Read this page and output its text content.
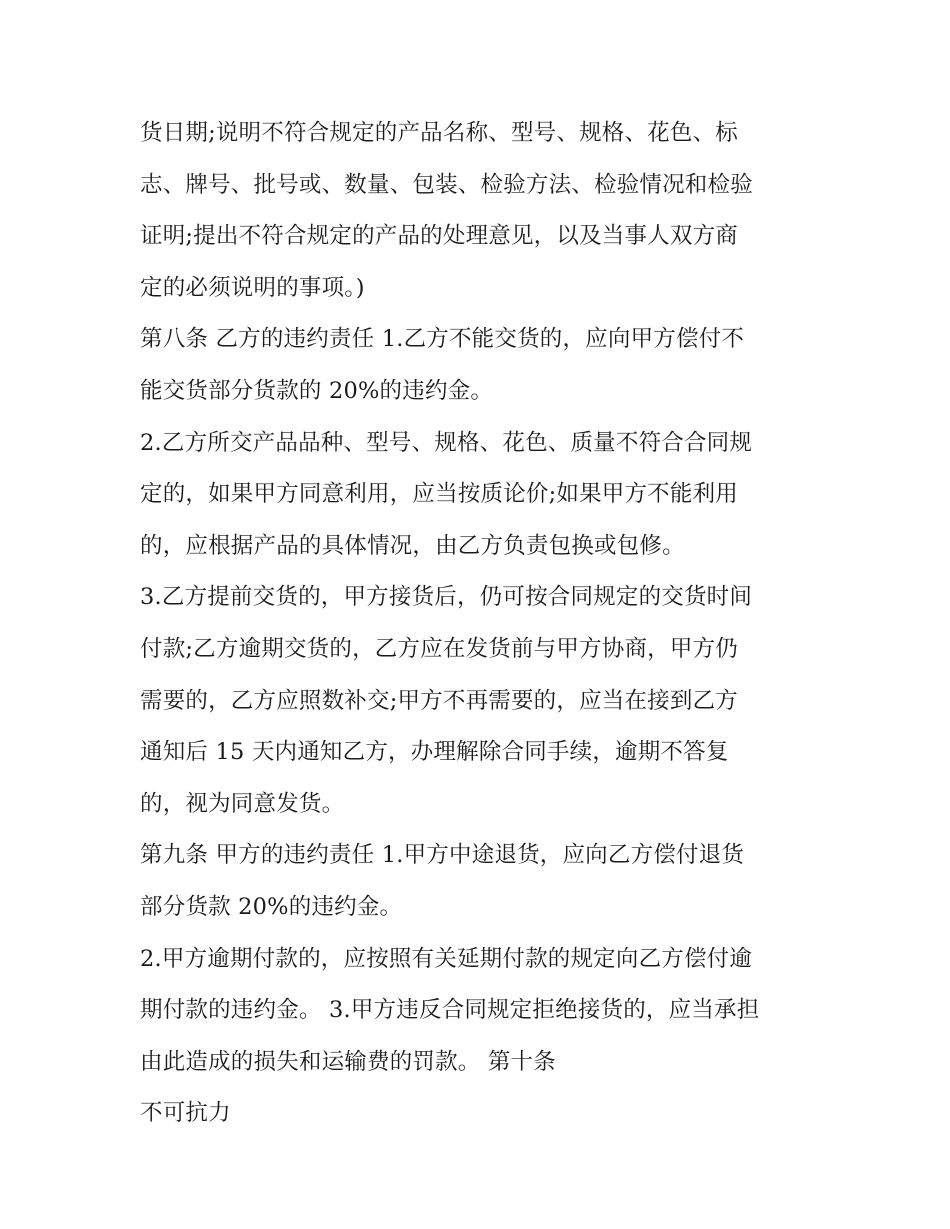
货日期;说明不符合规定的产品名称、型号、规格、花色、标
志、牌号、批号或、数量、包装、检验方法、检验情况和检验
证明;提出不符合规定的产品的处理意见，以及当事人双方商
定的必须说明的事项。)
第八条 乙方的违约责任 1.乙方不能交货的，应向甲方偿付不
能交货部分货款的 20%的违约金。
2.乙方所交产品品种、型号、规格、花色、质量不符合合同规
定的，如果甲方同意利用，应当按质论价;如果甲方不能利用
的，应根据产品的具体情况，由乙方负责包换或包修。
3.乙方提前交货的，甲方接货后，仍可按合同规定的交货时间
付款;乙方逾期交货的，乙方应在发货前与甲方协商，甲方仍
需要的，乙方应照数补交;甲方不再需要的，应当在接到乙方
通知后 15 天内通知乙方，办理解除合同手续，逾期不答复
的，视为同意发货。
第九条 甲方的违约责任 1.甲方中途退货，应向乙方偿付退货
部分货款 20%的违约金。
2.甲方逾期付款的，应按照有关延期付款的规定向乙方偿付逾
期付款的违约金。 3.甲方违反合同规定拒绝接货的，应当承担
由此造成的损失和运输费的罚款。 第十条
不可抗力
